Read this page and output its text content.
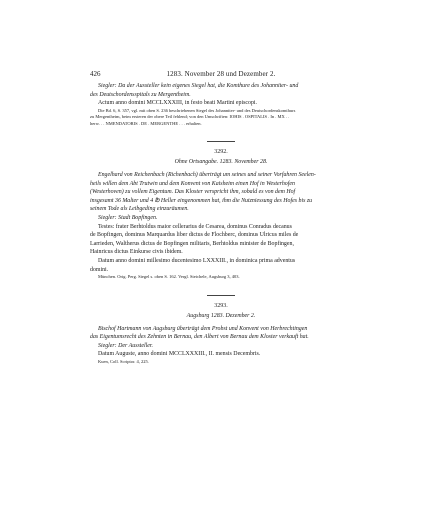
426	1283. November 28 und Dezember 2.

Siegler: Da der Aussteller kein eigenes Siegel hat, die Komthure des Johanniter- und

des Deutschordensspitals zu Mergentheim.

Actum anno domini MCCLXXXIII, in festo beati Martini episcopi.

Die Bd. 6, S. 357, vgl. mit oben S. 236 beschriebenen Siegel des Johanniter- und des Deutschordenskomthurs

zu Mergentheim, beim ersteren der obere Teil fehlend; von den Umschriften: IOHIS . OSPITALIS . In . MX . .

herw. . . NMENDATORIS . DE . MERGENTHE . . . erhalten.

3292.
Ohne Ortsangabe. 1283. November 28.

Engelhard von Reichenbach (Richenbach) überträgt um seines und seiner Vorfahren Seelen-

heils willen dem Abt Trutwin und dem Konvent von Kaisheim einen Hof in Westerhofen

(Westerhoven) zu vollem Eigentum. Das Kloster verspricht ihm, sobald es von dem Hof

insgesamt 36 Malter und 4 ℔ Heller eingenommen hat, ihm die Nutzniessung des Hofes bis zu

seinem Tode als Leibgeding einzuräumen.

Siegler: Stadt Bopfingen.

Testes: frater Berhtoldus maior cellerarius de Cesarea, dominus Conradus decanus

de Bopfingen, dominus Marquardus liber dictus de Flochberc, dominus Ulricus miles de

Larrieden, Waltherus dictus de Bopfingen militaris, Berhtoldus minister de Bopfingen,

Hainricus dictus Einkurse civis ibidem.

Datum anno domini millesimo ducentesimo LXXXIII., in dominica prima adventus

domini.

München. Orig. Perg. Siegel s. oben S. 162. Vergl. Steichele, Augsburg 3, 403.

3293.
Augsburg 1283. Dezember 2.

Bischof Hartmann von Augsburg überträgt dem Probst und Konvent von Herbrechtingen

das Eigentumsrecht des Zehnten in Bernau, den Albert von Bernau dem Kloster verkauft hat.

Siegler: Der Aussteller.

Datum Auguste, anno domini MCCLXXXIII., II. mensis Decembris.

Kuen, Coll. Scriptor. 4, 225.
